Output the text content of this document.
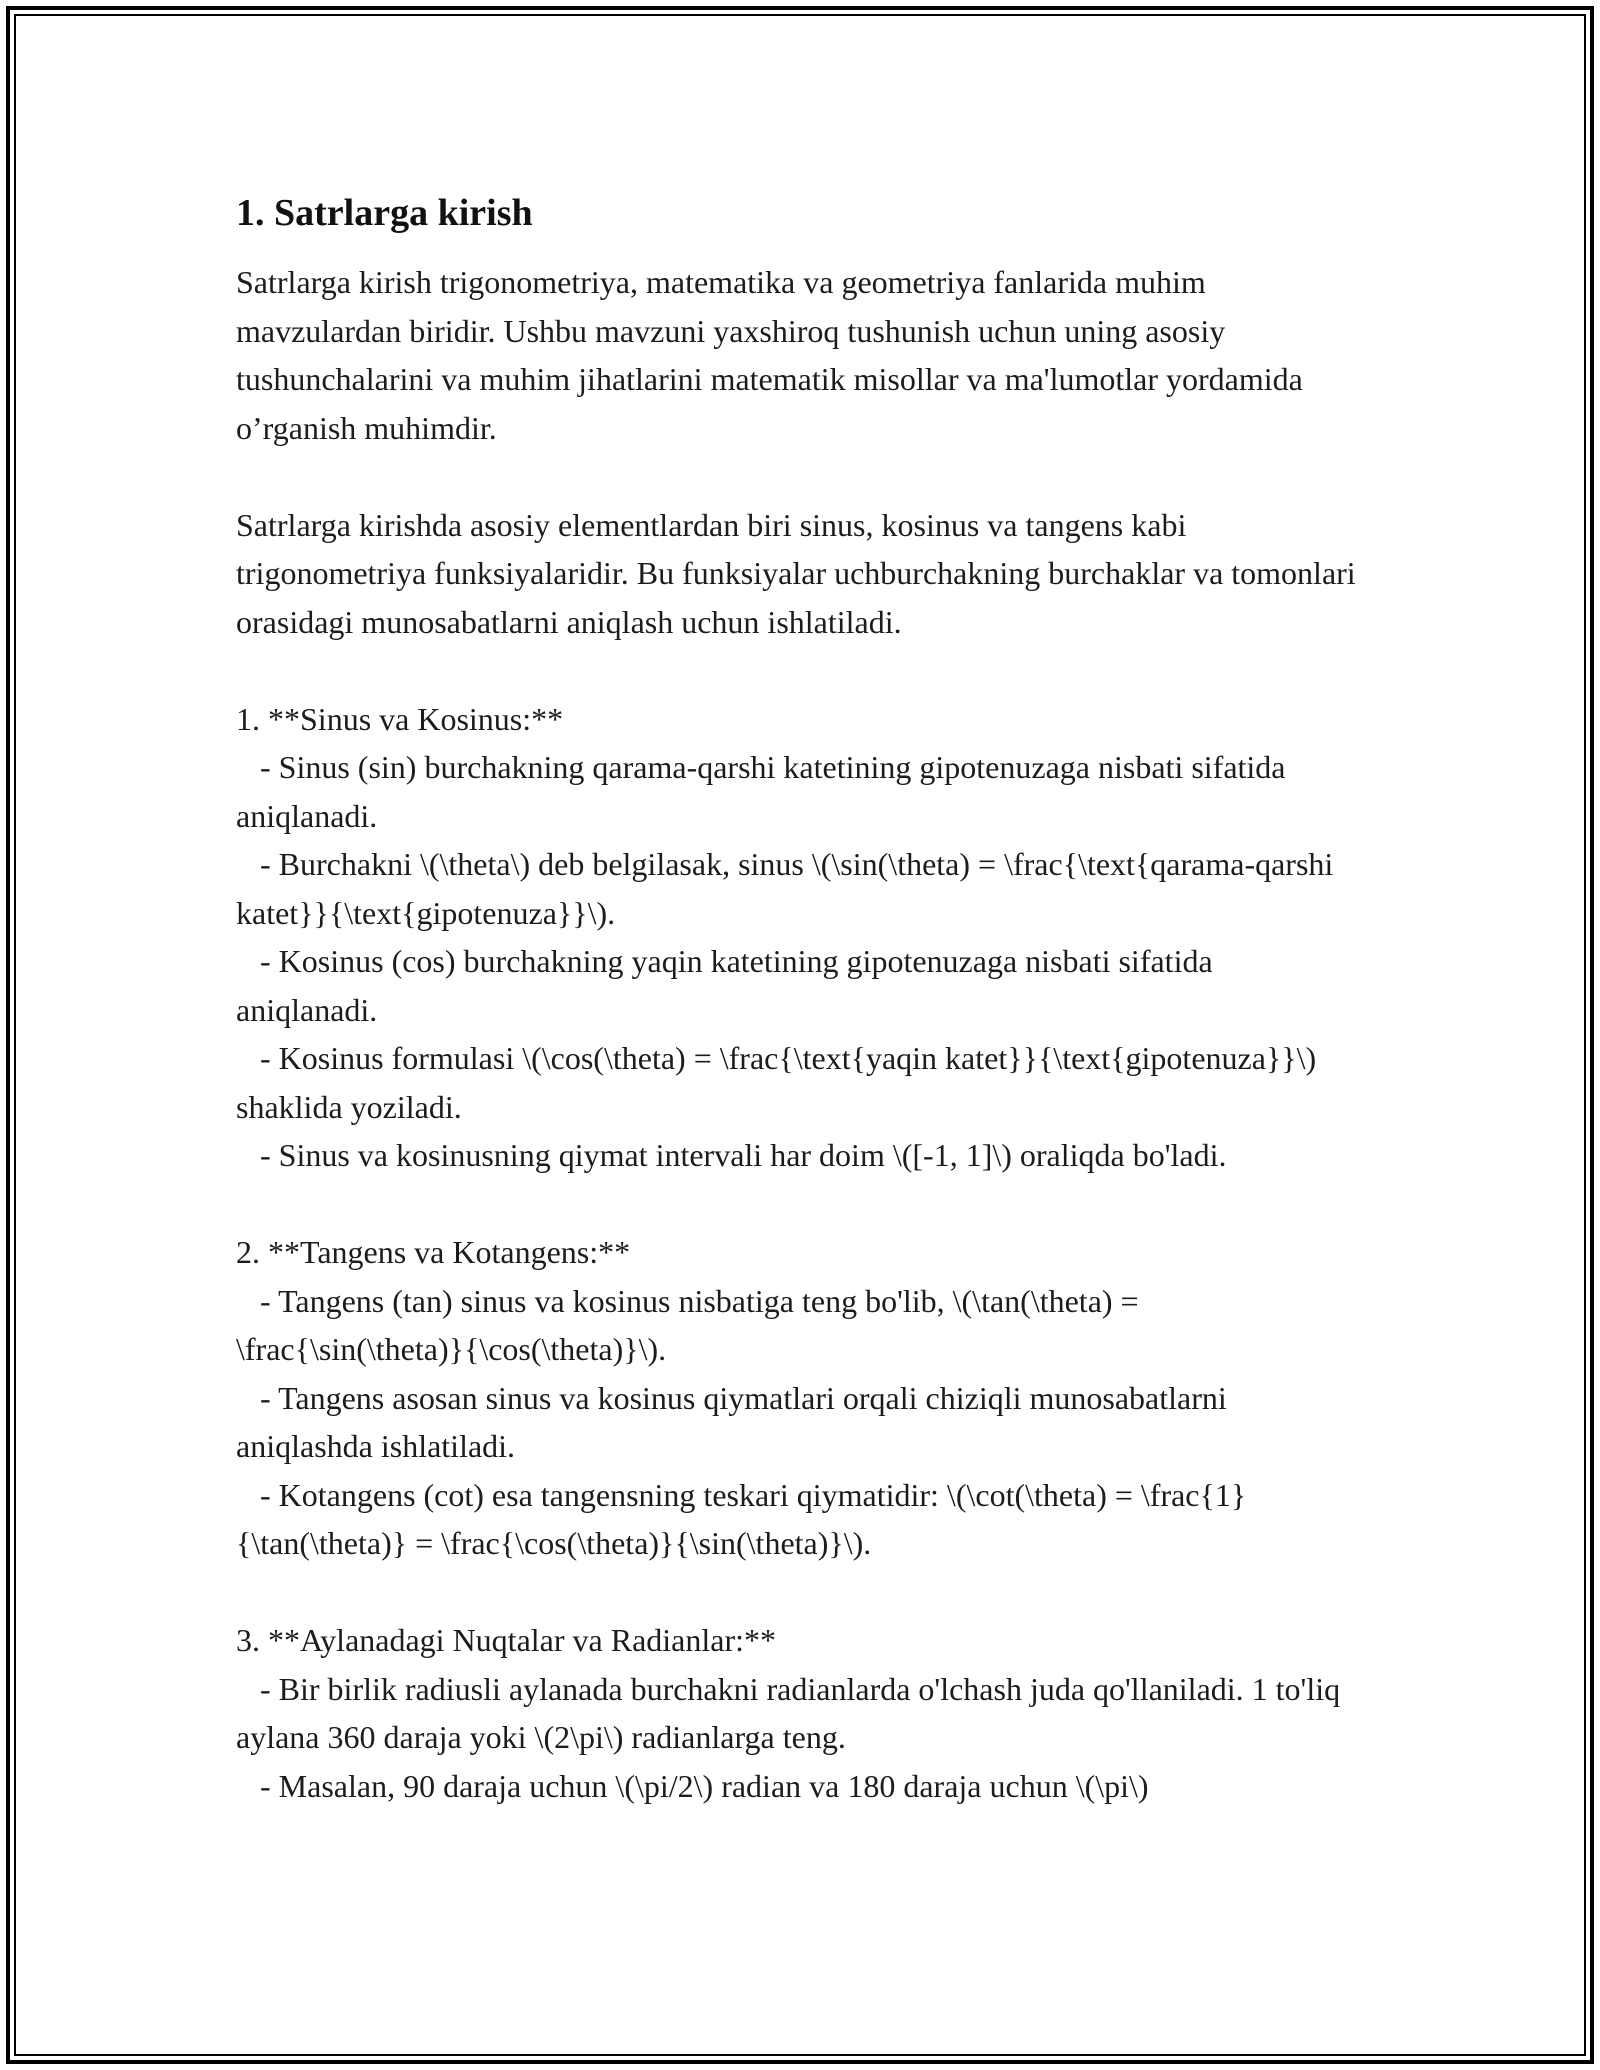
1. Satrlarga kirish

Satrlarga kirish trigonometriya, matematika va geometriya fanlarida muhim mavzulardan biridir. Ushbu mavzuni yaxshiroq tushunish uchun uning asosiy tushunchalarini va muhim jihatlarini matematik misollar va ma'lumotlar yordamida o’rganish muhimdir.

Satrlarga kirishda asosiy elementlardan biri sinus, kosinus va tangens kabi trigonometriya funksiyalaridir. Bu funksiyalar uchburchakning burchaklar va tomonlari orasidagi munosabatlarni aniqlash uchun ishlatiladi.

1. **Sinus va Kosinus:**

- Sinus (sin) burchakning qarama-qarshi katetining gipotenuzaga nisbati sifatida aniqlanadi.

- Burchakni \(\theta\) deb belgilasak, sinus \(\sin(\theta) = \frac{\text{qarama-qarshi katet}}{\text{gipotenuza}}\).

- Kosinus (cos) burchakning yaqin katetining gipotenuzaga nisbati sifatida aniqlanadi.

- Kosinus formulasi \(\cos(\theta) = \frac{\text{yaqin katet}}{\text{gipotenuza}}\) shaklida yoziladi.

- Sinus va kosinusning qiymat intervali har doim \([-1, 1]\) oraliqda bo'ladi.

2. **Tangens va Kotangens:**

- Tangens (tan) sinus va kosinus nisbatiga teng bo'lib, \(\tan(\theta) = \frac{\sin(\theta)}{\cos(\theta)}\).

- Tangens asosan sinus va kosinus qiymatlari orqali chiziqli munosabatlarni aniqlashda ishlatiladi.

- Kotangens (cot) esa tangensning teskari qiymatidir: \(\cot(\theta) = \frac{1}{\tan(\theta)} = \frac{\cos(\theta)}{\sin(\theta)}\).

3. **Aylanadagi Nuqtalar va Radianlar:**

- Bir birlik radiusli aylanada burchakni radianlarda o'lchash juda qo'llaniladi. 1 to'liq aylana 360 daraja yoki \(2\pi\) radianlarga teng.

- Masalan, 90 daraja uchun \(\pi/2\) radian va 180 daraja uchun \(\pi\)
